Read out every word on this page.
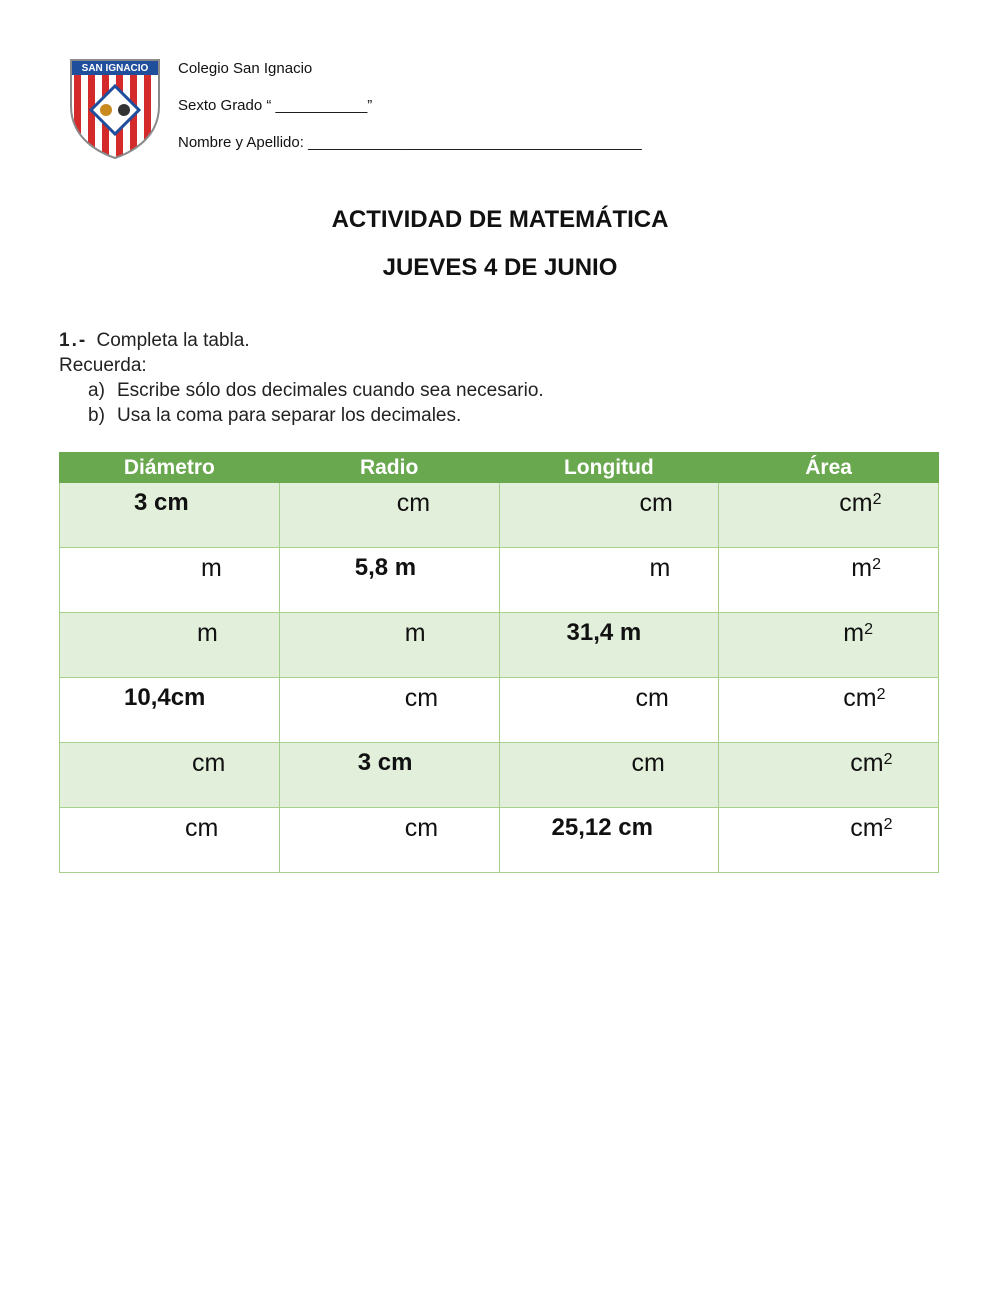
SAN IGNACIO Colegio San Ignacio
Sexto Grado “ ___________”
Nombre y Apellido: ________________________________________
ACTIVIDAD DE MATEMÁTICA
JUEVES 4 DE JUNIO
1.- Completa la tabla.
Recuerda:
a) Escribe sólo dos decimales cuando sea necesario.
b) Usa la coma para separar los decimales.
Diámetro	Radio	Longitud	Área

3 cm	cm	cm	$cm^2$

m	5,8 m	m	$m^2$

m	m	31,4 m	$m^2$

10,4cm	cm	cm	$cm^2$

cm	3 cm	cm	$cm^2$

cm	cm	25,12 cm	$cm^2$
